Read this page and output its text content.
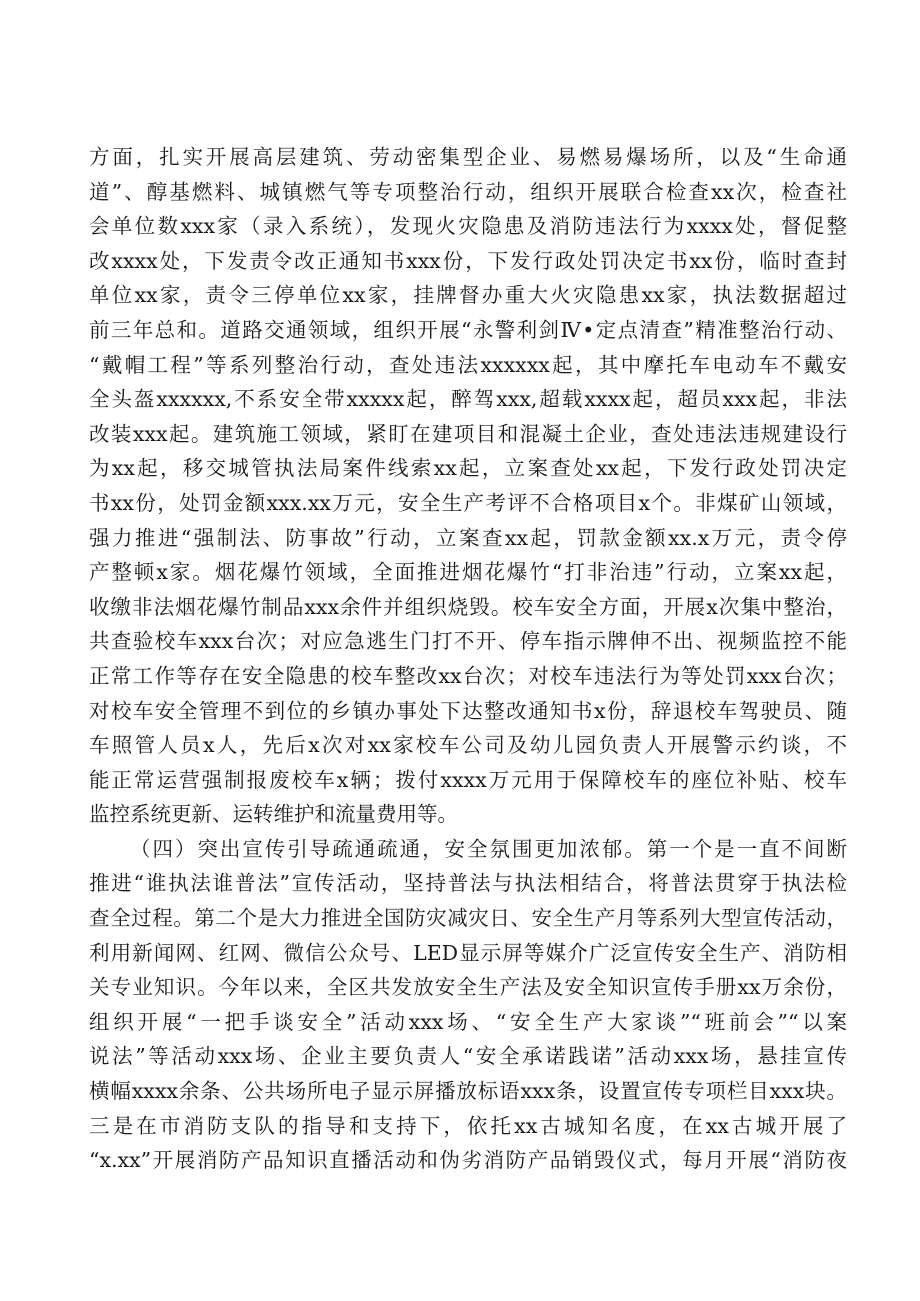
方面，扎实开展高层建筑、劳动密集型企业、易燃易爆场所，以及“生命通
道”、醇基燃料、城镇燃气等专项整治行动，组织开展联合检查xx次，检查社
会单位数xxx家（录入系统），发现火灾隐患及消防违法行为xxxx处，督促整
改xxxx处，下发责令改正通知书xxx份，下发行政处罚决定书xx份，临时查封
单位xx家，责令三停单位xx家，挂牌督办重大火灾隐患xx家，执法数据超过
前三年总和。道路交通领域，组织开展“永警利剑Ⅳ•定点清查”精准整治行动、
“戴帽工程”等系列整治行动，查处违法xxxxxx起，其中摩托车电动车不戴安
全头盔xxxxxx,不系安全带xxxxx起，醉驾xxx,超载xxxx起，超员xxx起，非法
改装xxx起。建筑施工领域，紧盯在建项目和混凝土企业，查处违法违规建设行
为xx起，移交城管执法局案件线索xx起，立案查处xx起，下发行政处罚决定
书xx份，处罚金额xxx.xx万元，安全生产考评不合格项目x个。非煤矿山领域，
强力推进“强制法、防事故”行动，立案查xx起，罚款金额xx.x万元，责令停
产整顿x家。烟花爆竹领域，全面推进烟花爆竹“打非治违”行动，立案xx起，
收缴非法烟花爆竹制品xxx余件并组织烧毁。校车安全方面，开展x次集中整治，
共查验校车xxx台次；对应急逃生门打不开、停车指示牌伸不出、视频监控不能
正常工作等存在安全隐患的校车整改xx台次；对校车违法行为等处罚xxx台次；
对校车安全管理不到位的乡镇办事处下达整改通知书x份，辞退校车驾驶员、随
车照管人员x人，先后x次对xx家校车公司及幼儿园负责人开展警示约谈，不
能正常运营强制报废校车x辆；拨付xxxx万元用于保障校车的座位补贴、校车
监控系统更新、运转维护和流量费用等。
（四）突出宣传引导疏通疏通，安全氛围更加浓郁。第一个是一直不间断
推进“谁执法谁普法”宣传活动，坚持普法与执法相结合，将普法贯穿于执法检
查全过程。第二个是大力推进全国防灾减灾日、安全生产月等系列大型宣传活动，
利用新闻网、红网、微信公众号、LED显示屏等媒介广泛宣传安全生产、消防相
关专业知识。今年以来，全区共发放安全生产法及安全知识宣传手册xx万余份，
组织开展“一把手谈安全”活动xxx场、“安全生产大家谈”“班前会”“以案
说法”等活动xxx场、企业主要负责人“安全承诺践诺”活动xxx场，悬挂宣传
横幅xxxx余条、公共场所电子显示屏播放标语xxx条，设置宣传专项栏目xxx块。
三是在市消防支队的指导和支持下，依托xx古城知名度，在xx古城开展了
“x.xx”开展消防产品知识直播活动和伪劣消防产品销毁仪式，每月开展“消防夜
